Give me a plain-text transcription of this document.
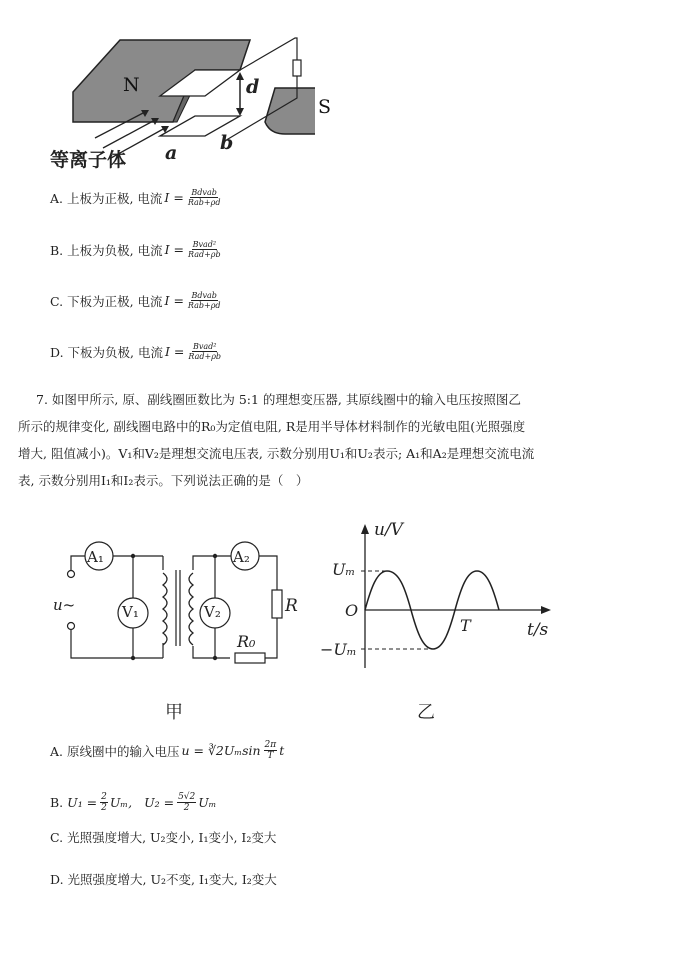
N
S
d
a b
等离子体
A. 上板为正极, 电流 $I = \frac{\text{Bdvab}}{\text{Rab+ρd}}$
B. 上板为负极, 电流 $I = \frac{\text{Bvad²}}{\text{Rad+ρb}}$
C. 下板为正极, 电流 $I = \frac{\text{Bdvab}}{\text{Rab+ρd}}$
D. 下板为负极, 电流 $I = \frac{\text{Bvad²}}{\text{Rad+ρb}}$

7. 如图甲所示, 原、副线圈匝数比为 5:1 的理想变压器, 其原线圈中的输入电压按照图乙

所示的规律变化, 副线圈电路中的R₀为定值电阻, R是用半导体材料制作的光敏电阻(光照强度

增大, 阻值减小)。V₁和V₂是理想交流电压表, 示数分别用U₁和U₂表示; A₁和A₂是理想交流电流

表, 示数分别用I₁和I₂表示。下列说法正确的是（　）

A₁
V₁
A₂
V₂
u~	R
R₀
甲
u/V
Uₘ
O
−Uₘ
T	t/s
乙
A. 原线圈中的输入电压 u = ∛2Uₘsin $\frac{2\pi}{T}$ t
B.
$U_1 = \frac{2}{2} U_m$, $U_2 = \frac{5√2}{2}$ Uₘ
C. 光照强度增大, U₂变小, I₁变小, I₂变大
D. 光照强度增大, U₂不变, I₁变大, I₂变大
